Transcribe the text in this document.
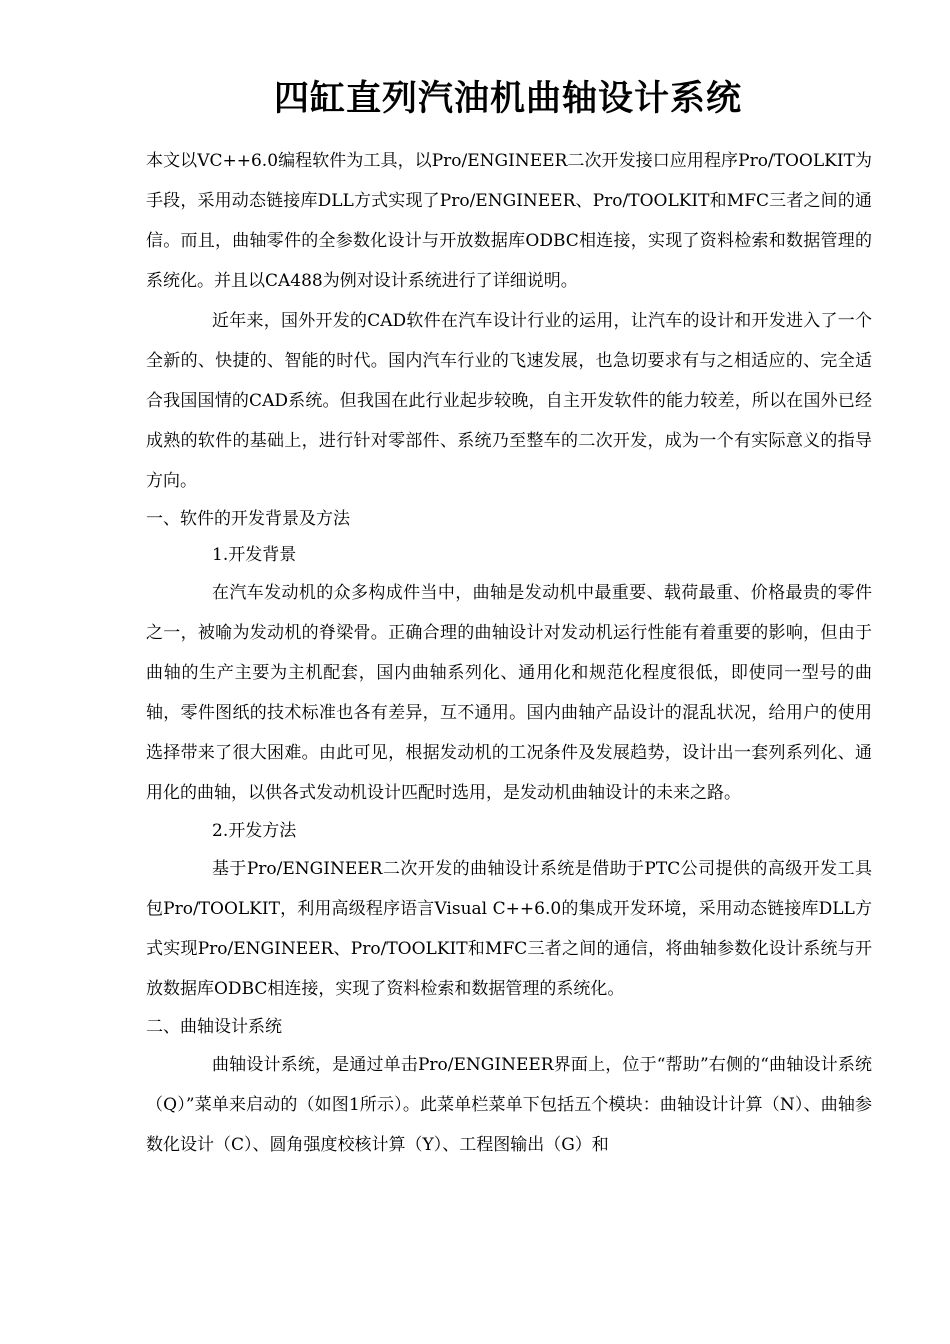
四缸直列汽油机曲轴设计系统

本文以VC++6.0编程软件为工具，以Pro/ENGINEER二次开发接口应用程序Pro/TOOLKIT为手段，采用动态链接库DLL方式实现了Pro/ENGINEER、Pro/TOOLKIT和MFC三者之间的通信。而且，曲轴零件的全参数化设计与开放数据库ODBC相连接，实现了资料检索和数据管理的系统化。并且以CA488为例对设计系统进行了详细说明。

近年来，国外开发的CAD软件在汽车设计行业的运用，让汽车的设计和开发进入了一个全新的、快捷的、智能的时代。国内汽车行业的飞速发展，也急切要求有与之相适应的、完全适合我国国情的CAD系统。但我国在此行业起步较晚，自主开发软件的能力较差，所以在国外已经成熟的软件的基础上，进行针对零部件、系统乃至整车的二次开发，成为一个有实际意义的指导方向。

一、软件的开发背景及方法
1.开发背景

在汽车发动机的众多构成件当中，曲轴是发动机中最重要、载荷最重、价格最贵的零件之一，被喻为发动机的脊梁骨。正确合理的曲轴设计对发动机运行性能有着重要的影响，但由于曲轴的生产主要为主机配套，国内曲轴系列化、通用化和规范化程度很低，即使同一型号的曲轴，零件图纸的技术标准也各有差异，互不通用。国内曲轴产品设计的混乱状况，给用户的使用选择带来了很大困难。由此可见，根据发动机的工况条件及发展趋势，设计出一套列系列化、通用化的曲轴，以供各式发动机设计匹配时选用，是发动机曲轴设计的未来之路。

2.开发方法

基于Pro/ENGINEER二次开发的曲轴设计系统是借助于PTC公司提供的高级开发工具包Pro/TOOLKIT，利用高级程序语言Visual C++6.0的集成开发环境，采用动态链接库DLL方式实现Pro/ENGINEER、Pro/TOOLKIT和MFC三者之间的通信，将曲轴参数化设计系统与开放数据库ODBC相连接，实现了资料检索和数据管理的系统化。

二、曲轴设计系统

曲轴设计系统，是通过单击Pro/ENGINEER界面上，位于“帮助”右侧的“曲轴设计系统（Q）”菜单来启动的（如图1所示）。此菜单栏菜单下包括五个模块：曲轴设计计算（N）、曲轴参数化设计（C）、圆角强度校核计算（Y）、工程图输出（G）和
